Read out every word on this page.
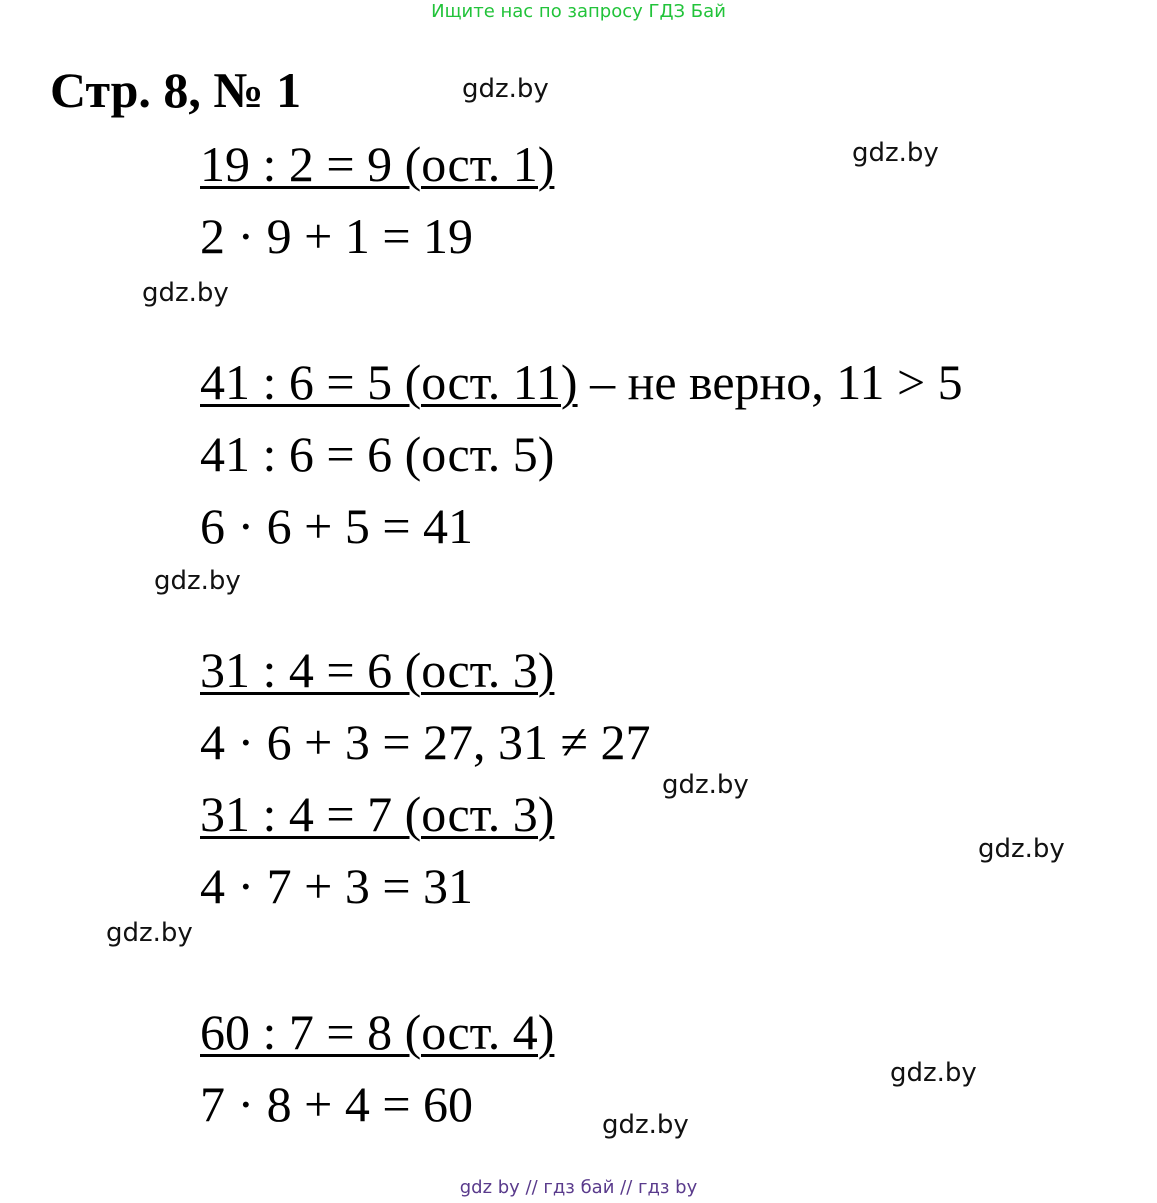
Ищите нас по запросу ГДЗ Бай
Стр. 8, № 1	gdz.by
gdz.by
19 : 2 = 9 (ост. 1)
2 · 9 + 1 = 19
gdz.by
41 : 6 = 5 (ост. 11) – не верно, 11 > 5
41 : 6 = 6 (ост. 5)
6 · 6 + 5 = 41
gdz.by
31 : 4 = 6 (ост. 3)
4 · 6 + 3 = 27, 31 ≠ 27
gdz.by
31 : 4 = 7 (ост. 3)
gdz.by
4 · 7 + 3 = 31
gdz.by
60 : 7 = 8 (ост. 4)
gdz.by
7 · 8 + 4 = 60	gdz.by
gdz by // гдз бай // гдз by
